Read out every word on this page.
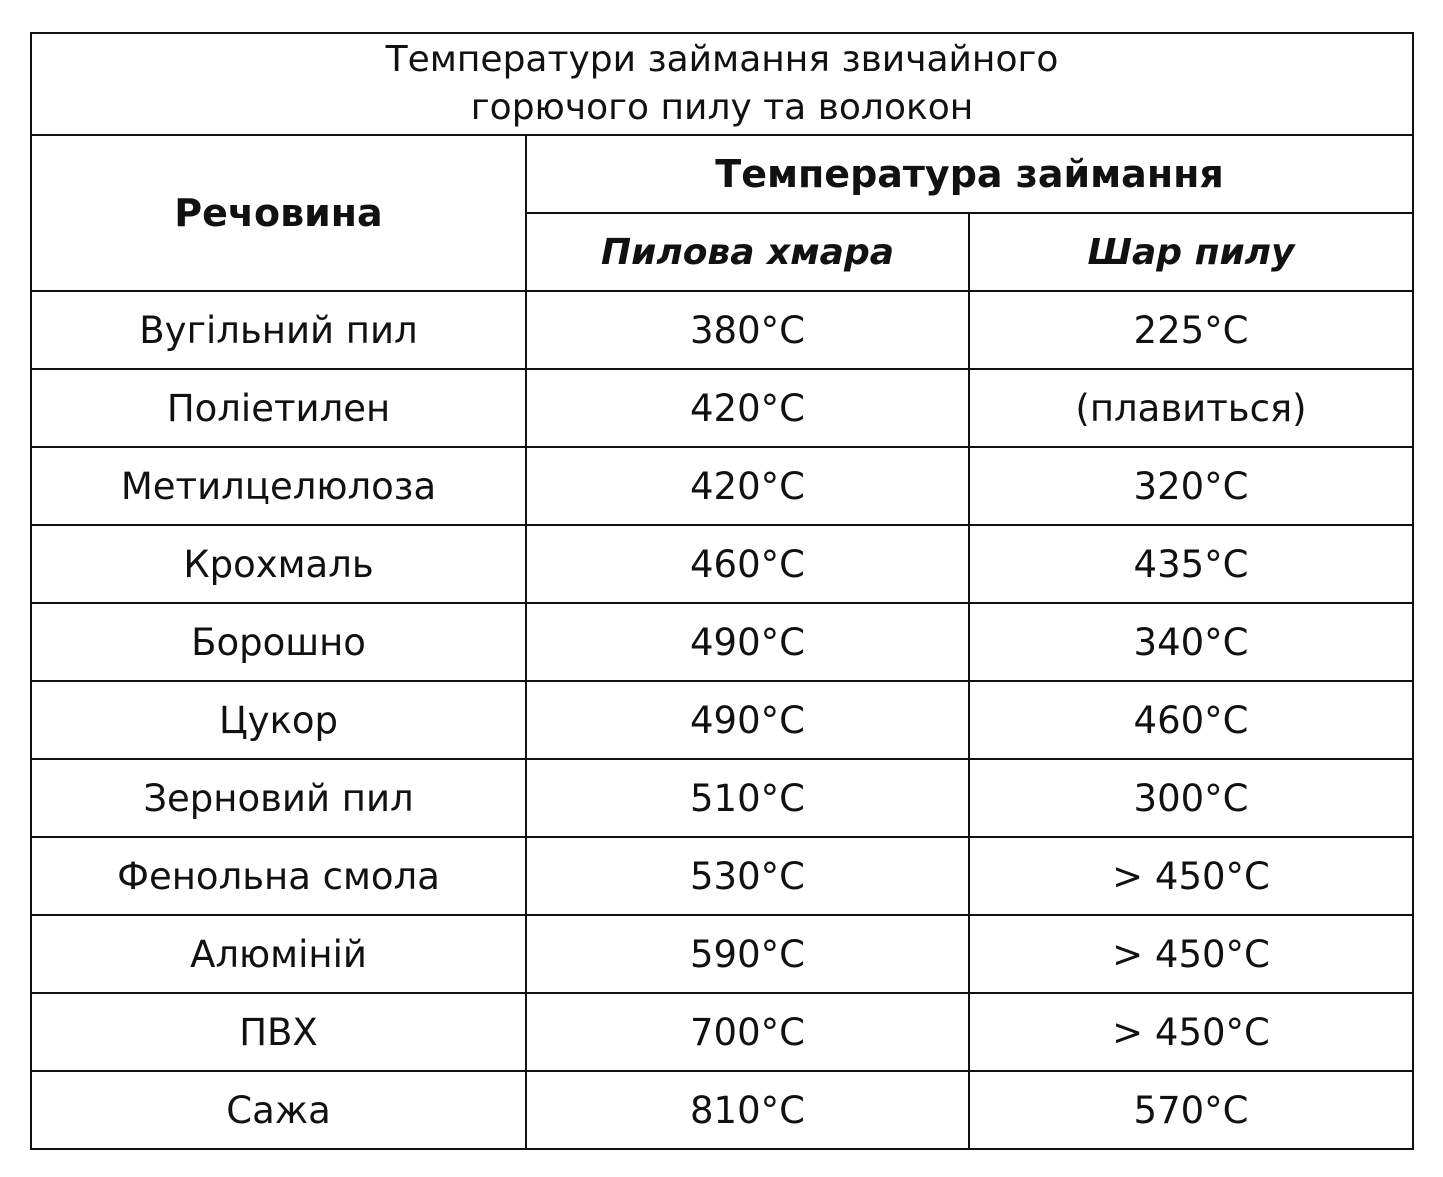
Температури займання звичайного
горючого пилу та волокон		

Речовина	Температура займання	
	Пилова хмара	Шар пилу
Вугільний пил	380°C	225°C
Поліетилен	420°C	(плавиться)
Метилцелюлоза	420°C	320°C
Крохмаль	460°C	435°C
Борошно	490°C	340°C
Цукор	490°C	460°C
Зерновий пил	510°C	300°C
Фенольна смола	530°C	> 450°C
Алюміній	590°C	> 450°C
ПВХ	700°C	> 450°C
Сажа	810°C	570°C
